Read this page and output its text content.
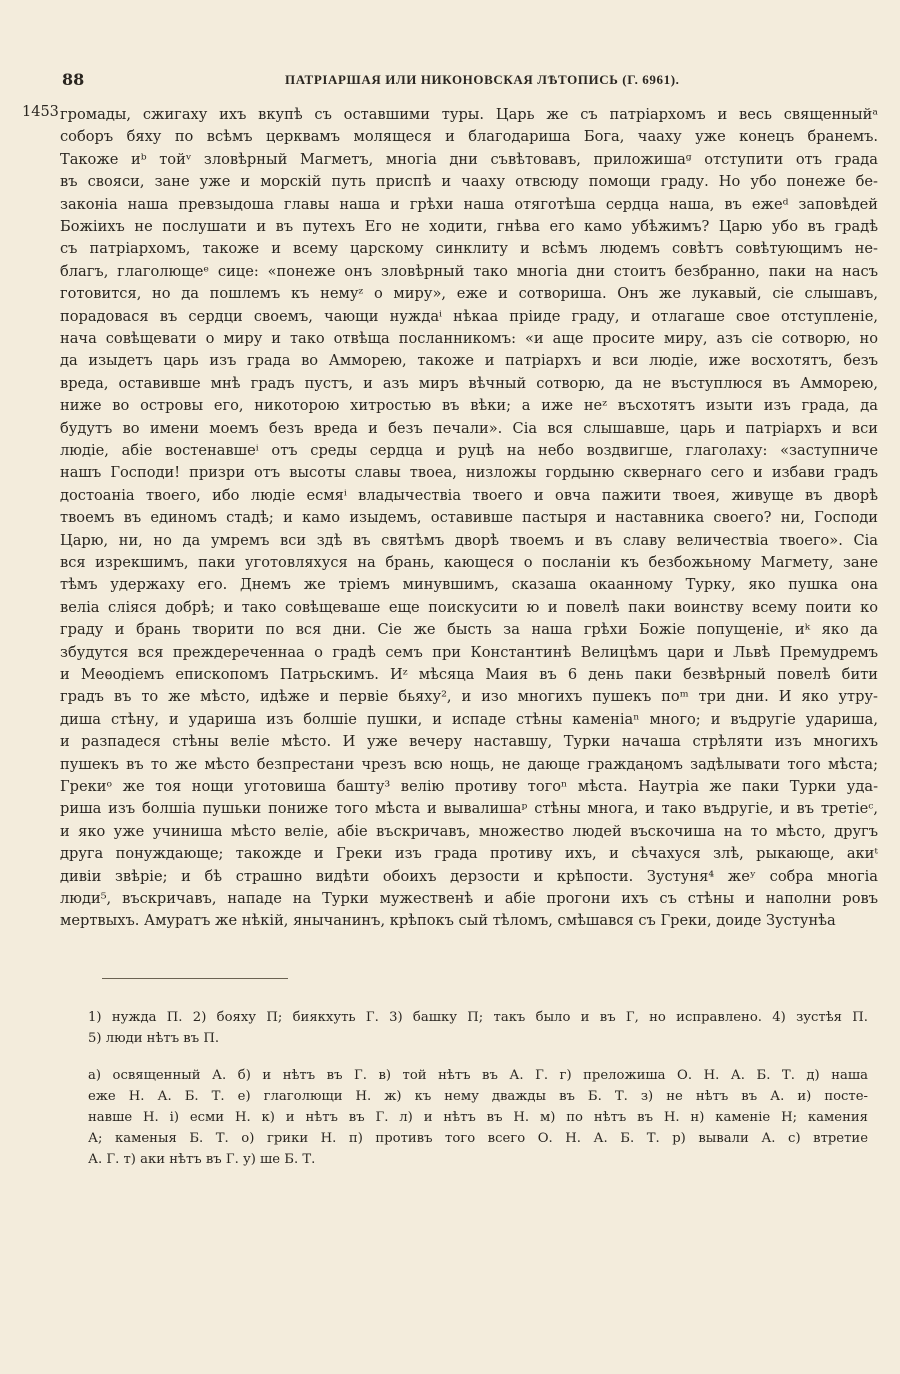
88	ПАТРІАРШАЯ ИЛИ НИКОНОВСКАЯ ЛѢТОПИСЬ (Г. 6961).
1453 громады, сжигаху ихъ вкупѣ съ оставшими туры. Царь же съ патріархомъ и весь священныйᵃ
соборъ бяху по всѣмъ церквамъ молящеся и благодариша Бога, чааху уже конецъ бранемъ.
Такоже иᵇ тойᵛ зловѣрный Магметъ, многіа дни съвѣтовавъ, приложишаᵍ отступити отъ града
въ свояси, зане уже и морскій путь приспѣ и чааху отвсюду помощи граду. Но убо понеже бе-
законіа наша превзыдоша главы наша и грѣхи наша отяготѣша сердца наша, въ ежеᵈ заповѣдей
Божіихъ не послушати и въ путехъ Его не ходити, гнѣва его камо убѣжимъ? Царю убо въ градѣ
съ патріархомъ, такоже и всему царскому синклиту и всѣмъ людемъ совѣтъ совѣтующимъ не-
благъ, глаголющеᵉ сице: «понеже онъ зловѣрный тако многіа дни стоитъ безбранно, паки на насъ
готовится, но да пошлемъ къ немуᶻ о миру», еже и сотвориша. Онъ же лукавый, сіе слышавъ,
порадовася въ сердци своемъ, чающи нуждаⁱ нѣкаа пріиде граду, и отлагаше свое отступленіе,
нача совѣщевати о миру и тако отвѣща посланникомъ: «и аще просите миру, азъ сіе сотворю, но
да изыдетъ царь изъ града во Амморею, такоже и патріархъ и вси людіе, иже восхотятъ, безъ
вреда, оставивше мнѣ градъ пустъ, и азъ миръ вѣчный сотворю, да не въступлюся въ Амморею,
ниже во островы его, никоторою хитростью въ вѣки; а иже неᶻ въсхотятъ изыти изъ града, да
будутъ во имени моемъ безъ вреда и безъ печали». Сіа вся слышавше, царь и патріархъ и вси
людіе, абіе востенавшеⁱ отъ среды сердца и руцѣ на небо воздвигше, глаголаху: «заступниче
нашъ Господи! призри отъ высоты славы твоеа, низложы гордыню сквернаго сего и избави градъ
достоаніа твоего, ибо людіе есмяⁱ владычествіа твоего и овча пажити твоея, живуще въ дворѣ
твоемъ въ единомъ стадѣ; и камо изыдемъ, оставивше пастыря и наставника своего? ни, Господи
Царю, ни, но да умремъ вси здѣ въ святѣмъ дворѣ твоемъ и въ славу величествіа твоего». Сіа
вся изрекшимъ, паки уготовляхуся на брань, кающеся о посланіи къ безбожьному Магмету, зане
тѣмъ удержаху его. Днемъ же тріемъ минувшимъ, сказаша окаанному Турку, яко пушка она
веліа сліяся добрѣ; и тако совѣщеваше еще поискусити ю и повелѣ паки воинству всему поити ко
граду и брань творити по вся дни. Сіе же бысть за наша грѣхи Божіе попущеніе, иᵏ яко да
збудутся вся преждереченнаа о градѣ семъ при Константинѣ Велицѣмъ цари и Львѣ Премудремъ
и Меѳодіемъ епископомъ Патрьскимъ. Иᶻ мѣсяца Маия въ 6 день паки безвѣрный повелѣ бити
градъ въ то же мѣсто, идѣже и первіе бьяху², и изо многихъ пушекъ поᵐ три дни. И яко утру-
диша стѣну, и удариша изъ болшіе пушки, и испаде стѣны каменіаⁿ много; и въдругіе удариша,
и разпадеся стѣны веліе мѣсто. И уже вечеру наставшу, Турки начаша стрѣляти изъ многихъ
пушекъ въ то же мѣсто безпрестани чрезъ всю нощь, не дающе граждаңомъ задѣлывати того мѣста;
Грекиᵒ же тоя нощи уготовиша башту³ велію противу тогоⁿ мѣста. Наутріа же паки Турки уда-
риша изъ болшіа пушьки пониже того мѣста и вывалишаᵖ стѣны многа, и тако въдругіе, и въ третіеᶜ,
и яко уже учиниша мѣсто веліе, абіе въскричавъ, множество людей въскочиша на то мѣсто, другъ
друга понуждающе; такожде и Греки изъ града противу ихъ, и сѣчахуся злѣ, рыкающе, акиᵗ
дивіи звѣріе; и бѣ страшно видѣти обоихъ дерзости и крѣпости. Зустуня⁴ жеʸ собра многіа
люди⁵, въскричавъ, нападе на Турки мужественѣ и абіе прогони ихъ съ стѣны и наполни ровъ
мертвыхъ. Амуратъ же нѣкій, янычанинъ, крѣпокъ сый тѣломъ, смѣшався съ Греки, доиде Зустунѣа
1) нужда П. 2) бояху П; биякхуть Г. 3) башку П; такъ было и въ Г, но исправлено. 4) зустѣя П.
5) люди нѣтъ въ П.
а) освященный А. б) и нѣтъ въ Г. в) той нѣтъ въ А. Г. г) преложиша О. Н. А. Б. Т. д) наша
еже Н. А. Б. Т. е) глаголющи Н. ж) къ нему дважды въ Б. Т. з) не нѣтъ въ А. и) посте-
навше Н. і) есми Н. к) и нѣтъ въ Г. л) и нѣтъ въ Н. м) по нѣтъ въ Н. н) каменіе Н; камения
А; каменыя Б. Т. о) грики Н. п) противъ того всего О. Н. А. Б. Т. р) вывали А. с) втретие
А. Г. т) аки нѣтъ въ Г. у) ше Б. Т.
